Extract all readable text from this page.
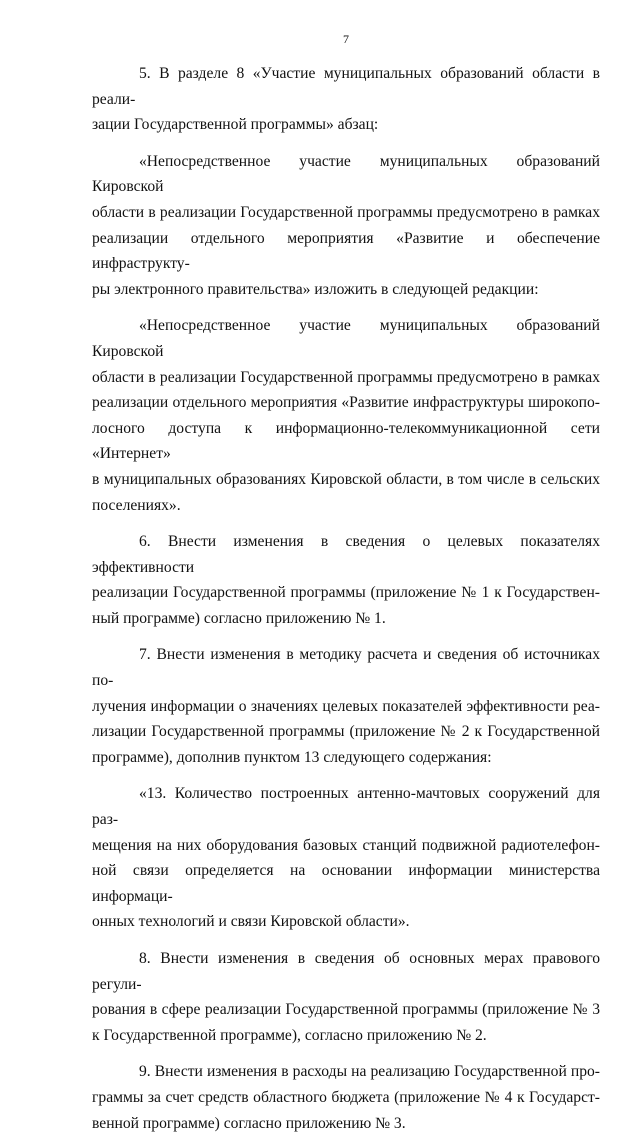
7
5. В разделе 8 «Участие муниципальных образований области в реали-
зации Государственной программы» абзац:
«Непосредственное участие муниципальных образований Кировской
области в реализации Государственной программы предусмотрено в рамках
реализации отдельного мероприятия «Развитие и обеспечение инфраструкту-
ры электронного правительства» изложить в следующей редакции:
«Непосредственное участие муниципальных образований Кировской
области в реализации Государственной программы предусмотрено в рамках
реализации отдельного мероприятия «Развитие инфраструктуры широкопо-
лосного доступа к информационно-телекоммуникационной сети «Интернет»
в муниципальных образованиях Кировской области, в том числе в сельских
поселениях».
6. Внести изменения в сведения о целевых показателях эффективности
реализации Государственной программы (приложение № 1 к Государствен-
ный программе) согласно приложению № 1.
7. Внести изменения в методику расчета и сведения об источниках по-
лучения информации о значениях целевых показателей эффективности реа-
лизации Государственной программы (приложение № 2 к Государственной
программе), дополнив пунктом 13 следующего содержания:
«13. Количество построенных антенно-мачтовых сооружений для раз-
мещения на них оборудования базовых станций подвижной радиотелефон-
ной связи определяется на основании информации министерства информаци-
онных технологий и связи Кировской области».
8. Внести изменения в сведения об основных мерах правового регули-
рования в сфере реализации Государственной программы (приложение № 3
к Государственной программе), согласно приложению № 2.
9. Внести изменения в расходы на реализацию Государственной про-
граммы за счет средств областного бюджета (приложение № 4 к Государст-
венной программе) согласно приложению № 3.
